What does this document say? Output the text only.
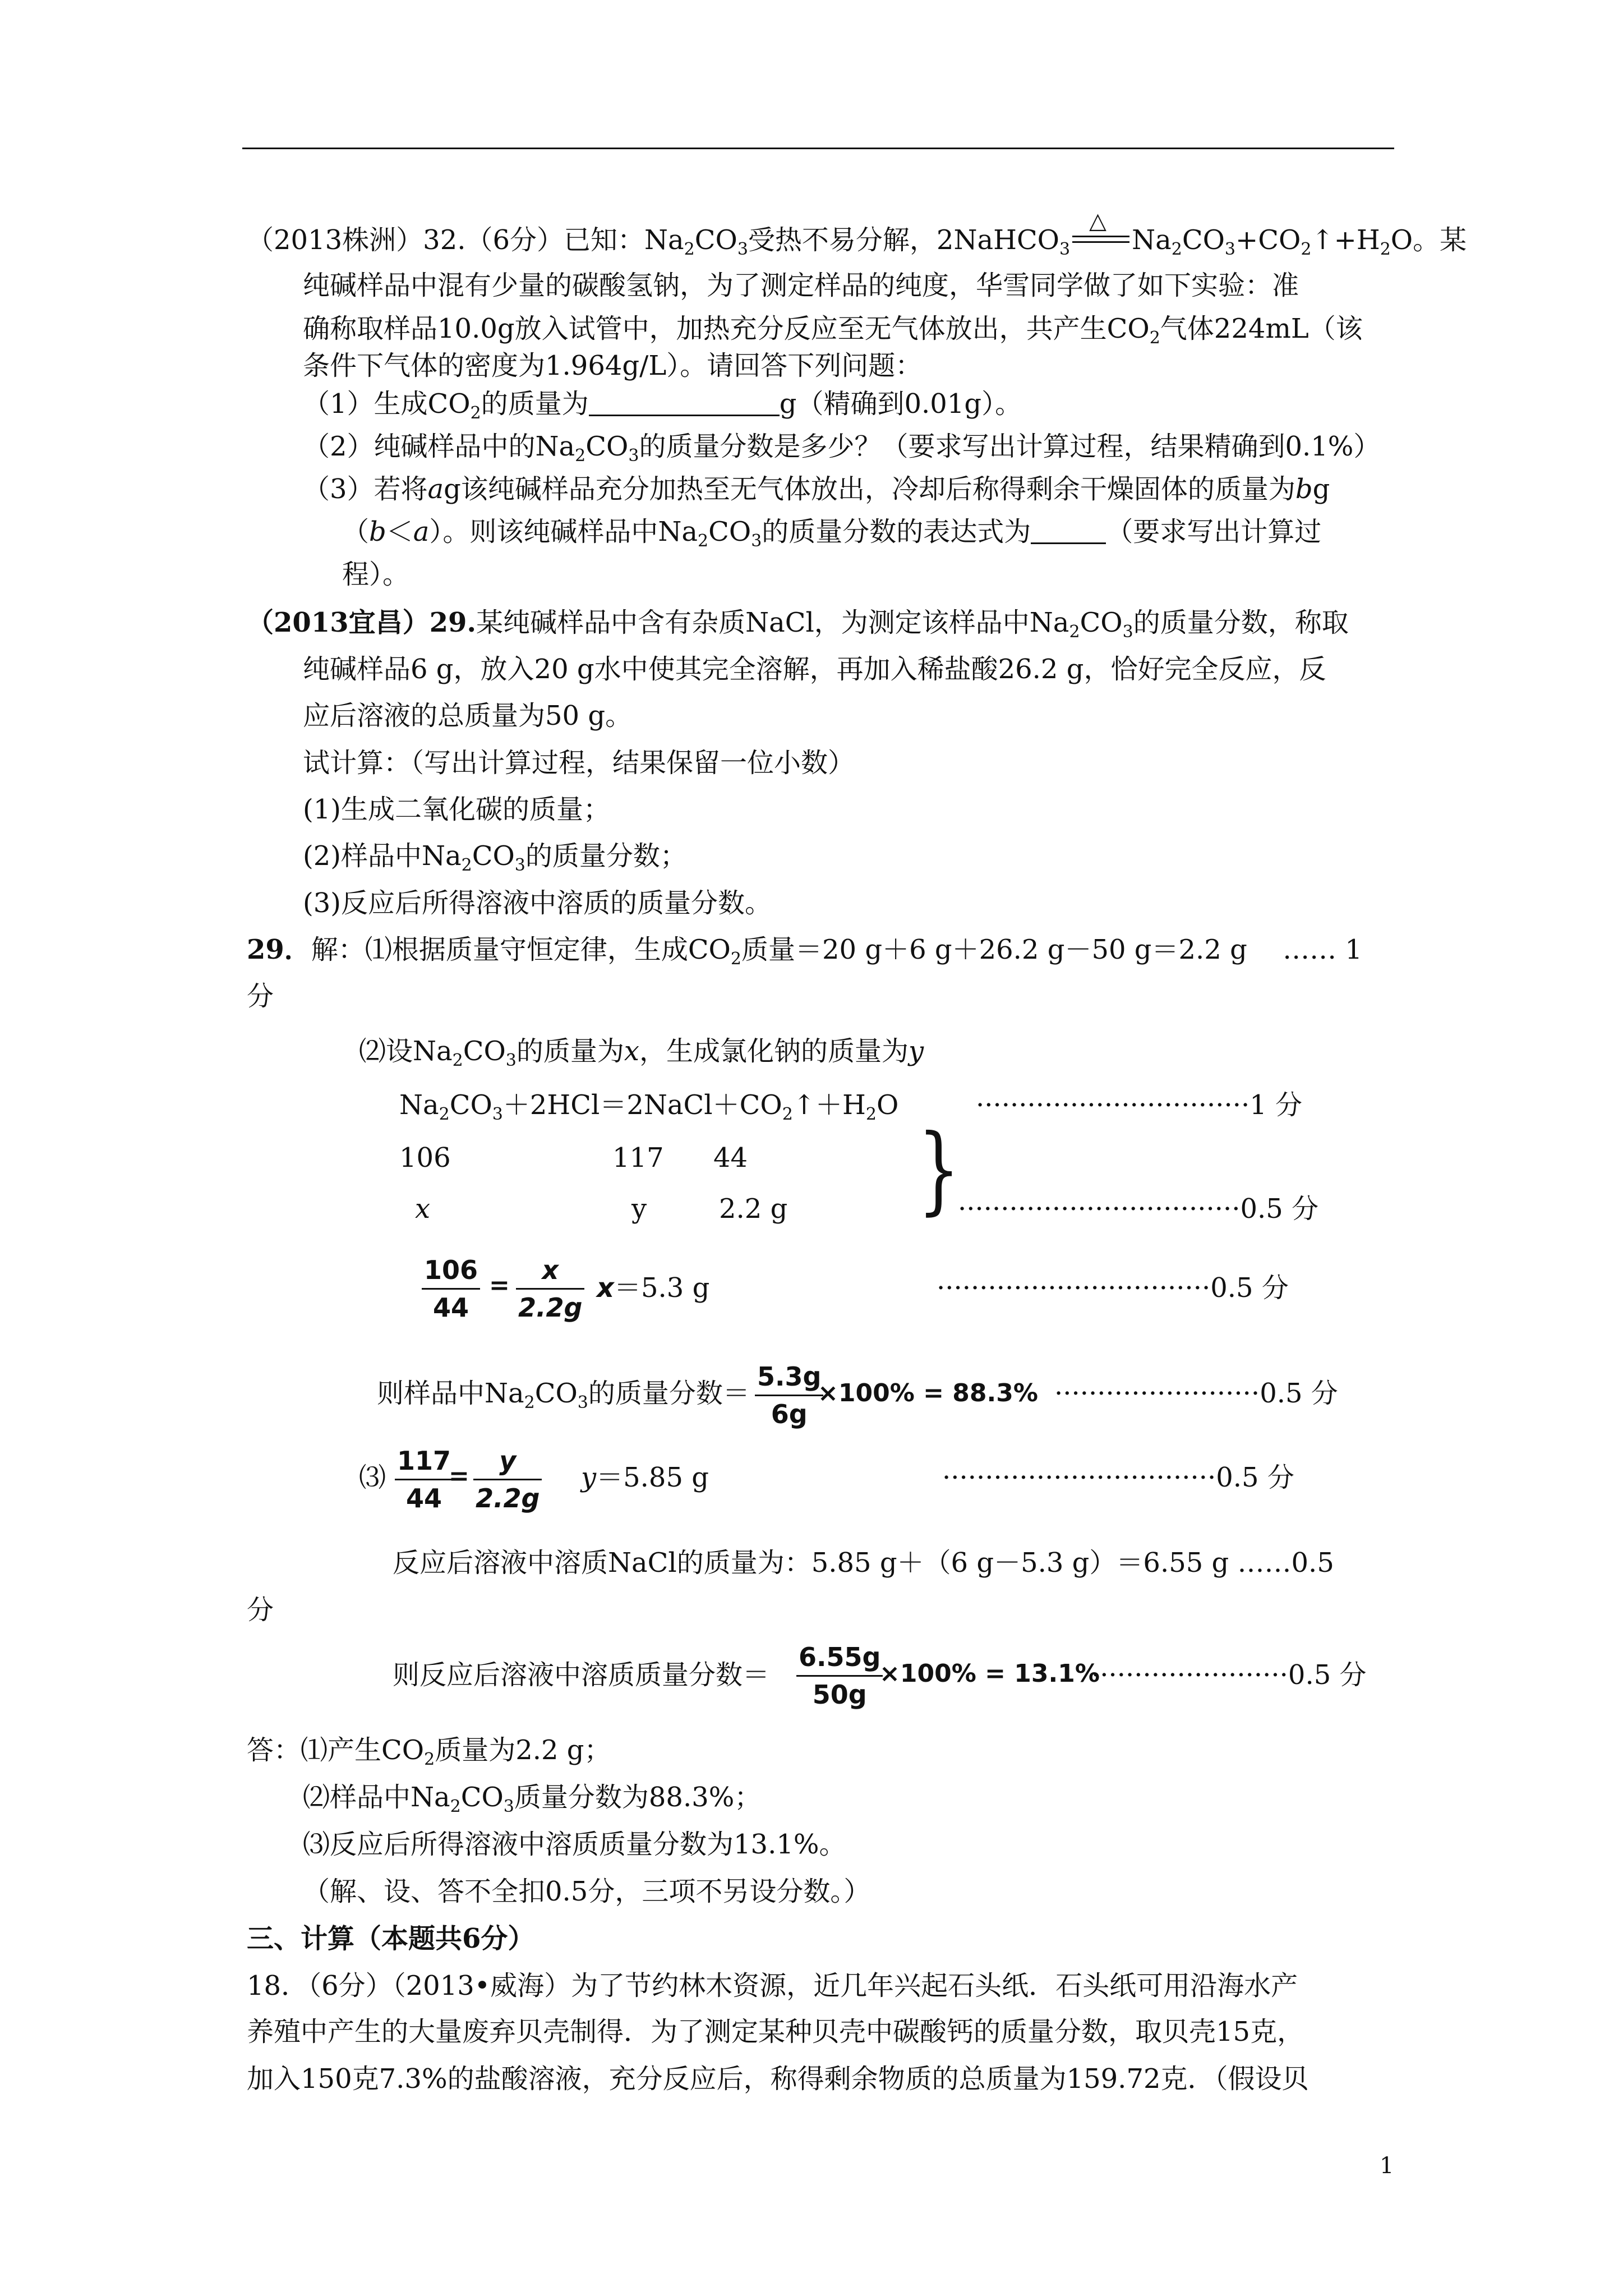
（2013株洲）32.（6分）已知：$Na_2CO_3$受热不易分解，2NaHCO$_3$
△
$Na_2CO_3+CO_2↑+H_2O$。某
纯碱样品中混有少量的碳酸氢钠，为了测定样品的纯度，华雪同学做了如下实验：准
确称取样品10.0g放入试管中，加热充分反应至无气体放出，共产生$CO_2$气体224mL（该
条件下气体的密度为1.964g/L）。请回答下列问题：
（1）生成$CO_2$的质量为	g（精确到0.01g）。
（2）纯碱样品中的$Na_2CO_3$的质量分数是多少？（要求写出计算过程，结果精确到0.1%）
（3）若将ag该纯碱样品充分加热至无气体放出，冷却后称得剩余干燥固体的质量为bg
（b＜a）。则该纯碱样品中$Na_2CO_3$的质量分数的表达式为	（要求写出计算过
程）。
（2013宜昌）29.某纯碱样品中含有杂质NaCl，为测定该样品中$Na_2CO_3$的质量分数，称取
纯碱样品6 g，放入20 g水中使其完全溶解，再加入稀盐酸26.2 g，恰好完全反应，反
应后溶液的总质量为50 g。
试计算：（写出计算过程，结果保留一位小数）
(1)生成二氧化碳的质量；
(2)样品中$Na_2CO_3$的质量分数；
(3)反应后所得溶液中溶质的质量分数。
29．解：⑴根据质量守恒定律，生成$CO_2$质量＝20 g＋6 g＋26.2 g－50 g＝2.2 g　 …… 1
分
⑵设$Na_2CO_3$的质量为x，生成氯化钠的质量为y
$Na_2CO_3+2HCl=2NaCl+CO_2↑+H_2O$	································1 分
106	117 44
x	y	2.2 g }
·································0.5 分
106
44
=
x
2.2g
x＝5.3 g	································0.5 分
则样品中$Na_2CO_3$的质量分数＝
5.3g
6g
×100% = 88.3% ························0.5 分
⑶
117
44
=
y
2.2g
y＝5.85 g	································0.5 分
反应后溶液中溶质NaCl的质量为：5.85 g＋（6 g－5.3 g）＝6.55 g ……0.5
分
则反应后溶液中溶质质量分数＝
6.55g
50g
×100% = 13.1%
·······················0.5 分
答：⑴产生$CO_2$质量为2.2 g；
⑵样品中$Na_2CO_3$质量分数为88.3%；
⑶反应后所得溶液中溶质质量分数为13.1%。
（解、设、答不全扣0.5分，三项不另设分数。）
三、计算（本题共6分）
18．（6分）（2013•威海）为了节约林木资源，近几年兴起石头纸．石头纸可用沿海水产
养殖中产生的大量废弃贝壳制得．为了测定某种贝壳中碳酸钙的质量分数，取贝壳15克，
加入150克7.3%的盐酸溶液，充分反应后，称得剩余物质的总质量为159.72克．（假设贝
1
